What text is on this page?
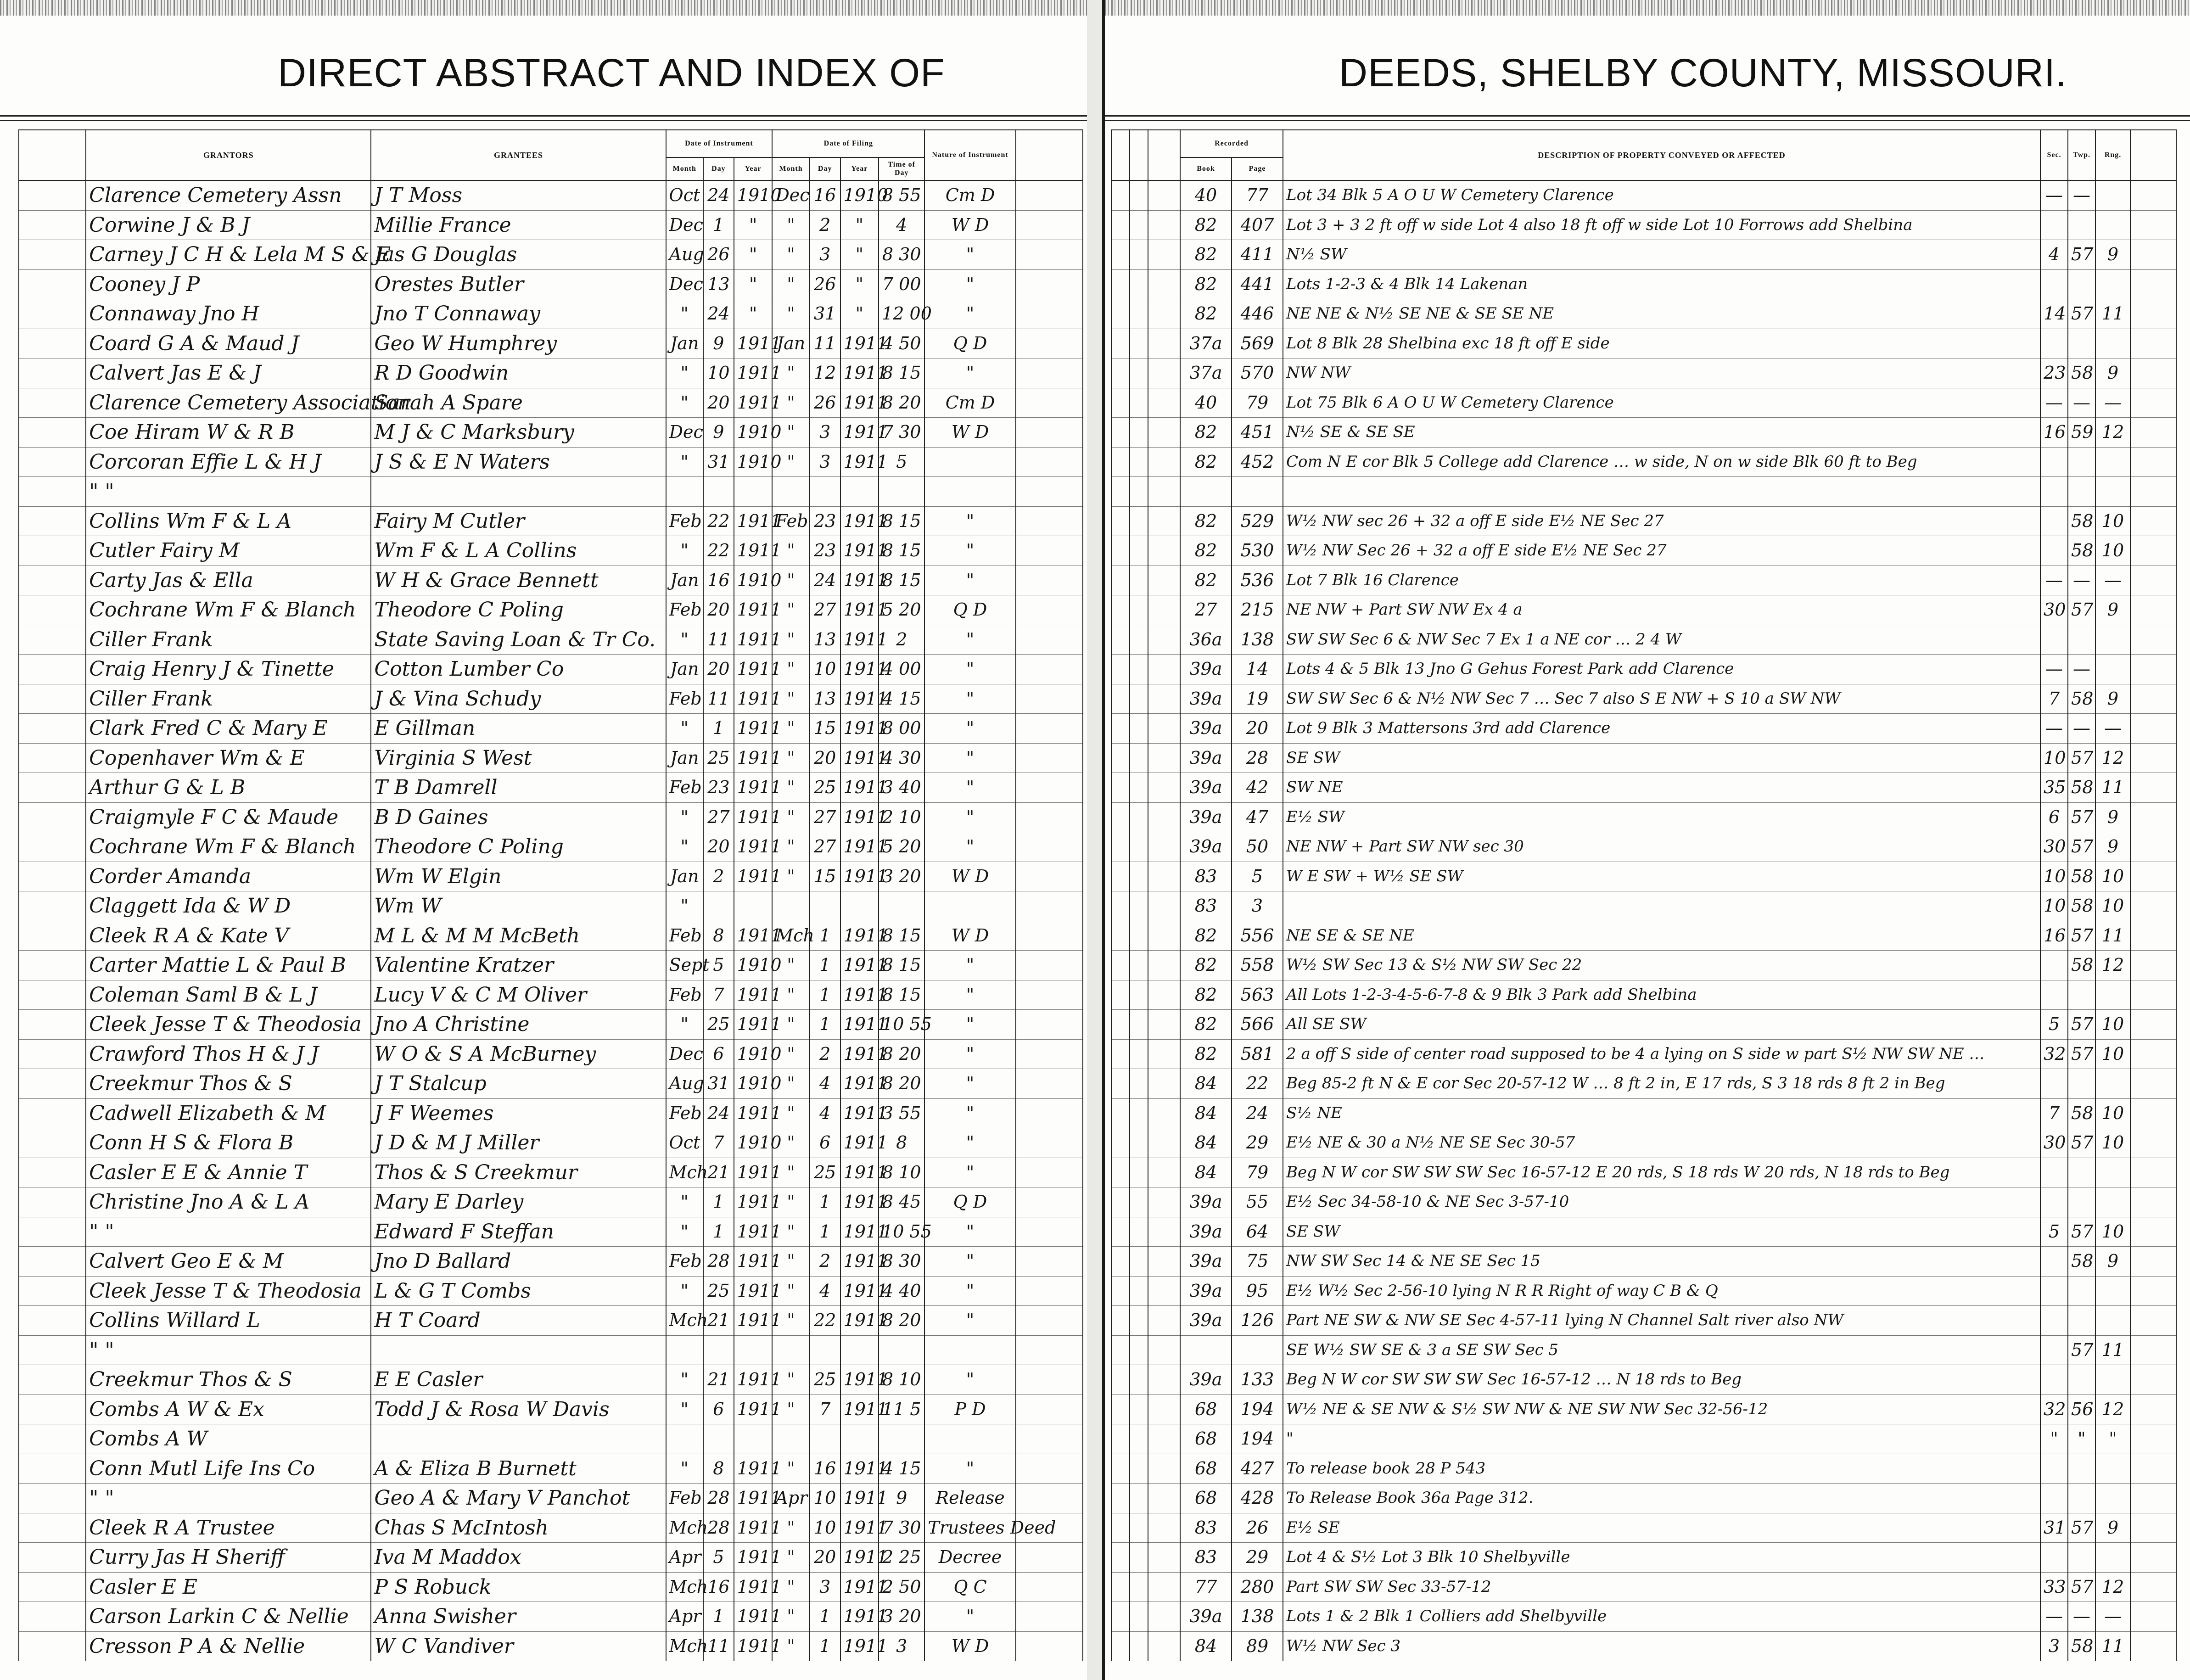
DIRECT ABSTRACT AND INDEX OF	DEEDS, SHELBY COUNTY, MISSOURI.
	GRANTORS	GRANTEES	Date of Instrument			Date of Filing				Nature of Instrument	
			Month	Day	Year	Month	Day	Year	Time of Day		
	Clarence Cemetery Assn	J T Moss	Oct	24	1910	Dec	16	1910	8 55	Cm D	
	Corwine J & B J	Millie France	Dec	1	"	"	2	"	4	W D	
	Carney J C H & Lela M S & E	Jas G Douglas	Aug	26	"	"	3	"	8 30	"	
	Cooney J P	Orestes Butler	Dec	13	"	"	26	"	7 00	"	
	Connaway Jno H	Jno T Connaway	"	24	"	"	31	"	12 00	"	
	Coard G A & Maud J	Geo W Humphrey	Jan	9	1911	Jan	11	1911	4 50	Q D	
	Calvert Jas E & J	R D Goodwin	"	10	1911	"	12	1911	8 15	"	
	Clarence Cemetery Association	Sarah A Spare	"	20	1911	"	26	1911	8 20	Cm D	
	Coe Hiram W & R B	M J & C Marksbury	Dec	9	1910	"	3	1911	7 30	W D	
	Corcoran Effie L & H J	J S & E N Waters	"	31	1910	"	3	1911	5		
	" "										
	Collins Wm F & L A	Fairy M Cutler	Feb	22	1911	Feb	23	1911	8 15	"	
	Cutler Fairy M	Wm F & L A Collins	"	22	1911	"	23	1911	8 15	"	
	Carty Jas & Ella	W H & Grace Bennett	Jan	16	1910	"	24	1911	8 15	"	
	Cochrane Wm F & Blanch	Theodore C Poling	Feb	20	1911	"	27	1911	5 20	Q D	
	Ciller Frank	State Saving Loan & Tr Co.	"	11	1911	"	13	1911	2	"	
	Craig Henry J & Tinette	Cotton Lumber Co	Jan	20	1911	"	10	1911	4 00	"	
	Ciller Frank	J & Vina Schudy	Feb	11	1911	"	13	1911	4 15	"	
	Clark Fred C & Mary E	E Gillman	"	1	1911	"	15	1911	8 00	"	
	Copenhaver Wm & E	Virginia S West	Jan	25	1911	"	20	1911	4 30	"	
	Arthur G & L B	T B Damrell	Feb	23	1911	"	25	1911	3 40	"	
	Craigmyle F C & Maude	B D Gaines	"	27	1911	"	27	1911	2 10	"	
	Cochrane Wm F & Blanch	Theodore C Poling	"	20	1911	"	27	1911	5 20	"	
	Corder Amanda	Wm W Elgin	Jan	2	1911	"	15	1911	3 20	W D	
	Claggett Ida & W D	Wm W	"								
	Cleek R A & Kate V	M L & M M McBeth	Feb	8	1911	Mch	1	1911	8 15	W D	
	Carter Mattie L & Paul B	Valentine Kratzer	Sept	5	1910	"	1	1911	8 15	"	
	Coleman Saml B & L J	Lucy V & C M Oliver	Feb	7	1911	"	1	1911	8 15	"	
	Cleek Jesse T & Theodosia	Jno A Christine	"	25	1911	"	1	1911	10 55	"	
	Crawford Thos H & J J	W O & S A McBurney	Dec	6	1910	"	2	1911	8 20	"	
	Creekmur Thos & S	J T Stalcup	Aug	31	1910	"	4	1911	8 20	"	
	Cadwell Elizabeth & M	J F Weemes	Feb	24	1911	"	4	1911	3 55	"	
	Conn H S & Flora B	J D & M J Miller	Oct	7	1910	"	6	1911	8	"	
	Casler E E & Annie T	Thos & S Creekmur	Mch	21	1911	"	25	1911	8 10	"	
	Christine Jno A & L A	Mary E Darley	"	1	1911	"	1	1911	8 45	Q D	
	" "	Edward F Steffan	"	1	1911	"	1	1911	10 55	"	
	Calvert Geo E & M	Jno D Ballard	Feb	28	1911	"	2	1911	8 30	"	
	Cleek Jesse T & Theodosia	L & G T Combs	"	25	1911	"	4	1911	4 40	"	
	Collins Willard L	H T Coard	Mch	21	1911	"	22	1911	8 20	"	
	" "										
	Creekmur Thos & S	E E Casler	"	21	1911	"	25	1911	8 10	"	
	Combs A W & Ex	Todd J & Rosa W Davis	"	6	1911	"	7	1911	11 5	P D	
	Combs A W										
	Conn Mutl Life Ins Co	A & Eliza B Burnett	"	8	1911	"	16	1911	4 15	"	
	" "	Geo A & Mary V Panchot	Feb	28	1911	Apr	10	1911	9	Release	
	Cleek R A Trustee	Chas S McIntosh	Mch	28	1911	"	10	1911	7 30	Trustees Deed	
	Curry Jas H Sheriff	Iva M Maddox	Apr	5	1911	"	20	1911	2 25	Decree	
	Casler E E	P S Robuck	Mch	16	1911	"	3	1911	2 50	Q C	
	Carson Larkin C & Nellie	Anna Swisher	Apr	1	1911	"	1	1911	3 20	"	
	Cresson P A & Nellie	W C Vandiver	Mch	11	1911	"	1	1911	3	W D	
			Recorded		DESCRIPTION OF PROPERTY CONVEYED OR AFFECTED	Sec.	Twp.	Rng.	
			Book	Page					
			40	77	Lot 34 Blk 5 A O U W Cemetery Clarence	—	—		
			82	407	Lot 3 + 3 2 ft off w side Lot 4 also 18 ft off w side Lot 10 Forrows add Shelbina				
			82	411	N½ SW	4	57	9	
			82	441	Lots 1-2-3 & 4 Blk 14 Lakenan				
			82	446	NE NE & N½ SE NE & SE SE NE	14	57	11	
			37a	569	Lot 8 Blk 28 Shelbina exc 18 ft off E side				
			37a	570	NW NW	23	58	9	
			40	79	Lot 75 Blk 6 A O U W Cemetery Clarence	—	—	—	
			82	451	N½ SE & SE SE	16	59	12	
			82	452	Com N E cor Blk 5 College add Clarence … w side, N on w side Blk 60 ft to Beg				

			82	529	W½ NW sec 26 + 32 a off E side E½ NE Sec 27		58	10	
			82	530	W½ NW Sec 26 + 32 a off E side E½ NE Sec 27		58	10	
			82	536	Lot 7 Blk 16 Clarence	—	—	—	
			27	215	NE NW + Part SW NW Ex 4 a	30	57	9	
			36a	138	SW SW Sec 6 & NW Sec 7 Ex 1 a NE cor … 2 4 W				
			39a	14	Lots 4 & 5 Blk 13 Jno G Gehus Forest Park add Clarence	—	—		
			39a	19	SW SW Sec 6 & N½ NW Sec 7 … Sec 7 also S E NW + S 10 a SW NW	7	58	9	
			39a	20	Lot 9 Blk 3 Mattersons 3rd add Clarence	—	—	—	
			39a	28	SE SW	10	57	12	
			39a	42	SW NE	35	58	11	
			39a	47	E½ SW	6	57	9	
			39a	50	NE NW + Part SW NW sec 30	30	57	9	
			83	5	W E SW + W½ SE SW	10	58	10	
			83	3		10	58	10	
			82	556	NE SE & SE NE	16	57	11	
			82	558	W½ SW Sec 13 & S½ NW SW Sec 22		58	12	
			82	563	All Lots 1-2-3-4-5-6-7-8 & 9 Blk 3 Park add Shelbina				
			82	566	All SE SW	5	57	10	
			82	581	2 a off S side of center road supposed to be 4 a lying on S side w part S½ NW SW NE …	32	57	10	
			84	22	Beg 85-2 ft N & E cor Sec 20-57-12 W … 8 ft 2 in, E 17 rds, S 3 18 rds 8 ft 2 in Beg				
			84	24	S½ NE	7	58	10	
			84	29	E½ NE & 30 a N½ NE SE Sec 30-57	30	57	10	
			84	79	Beg N W cor SW SW SW Sec 16-57-12 E 20 rds, S 18 rds W 20 rds, N 18 rds to Beg				
			39a	55	E½ Sec 34-58-10 & NE Sec 3-57-10				
			39a	64	SE SW	5	57	10	
			39a	75	NW SW Sec 14 & NE SE Sec 15		58	9	
			39a	95	E½ W½ Sec 2-56-10 lying N R R Right of way C B & Q				
			39a	126	Part NE SW & NW SE Sec 4-57-11 lying N Channel Salt river also NW				
					SE W½ SW SE & 3 a SE SW Sec 5		57	11	
			39a	133	Beg N W cor SW SW SW Sec 16-57-12 … N 18 rds to Beg				
			68	194	W½ NE & SE NW & S½ SW NW & NE SW NW Sec 32-56-12	32	56	12	
			68	194	"	"	"	"	
			68	427	To release book 28 P 543				
			68	428	To Release Book 36a Page 312.				
			83	26	E½ SE	31	57	9	
			83	29	Lot 4 & S½ Lot 3 Blk 10 Shelbyville				
			77	280	Part SW SW Sec 33-57-12	33	57	12	
			39a	138	Lots 1 & 2 Blk 1 Colliers add Shelbyville	—	—	—	
			84	89	W½ NW Sec 3	3	58	11	
